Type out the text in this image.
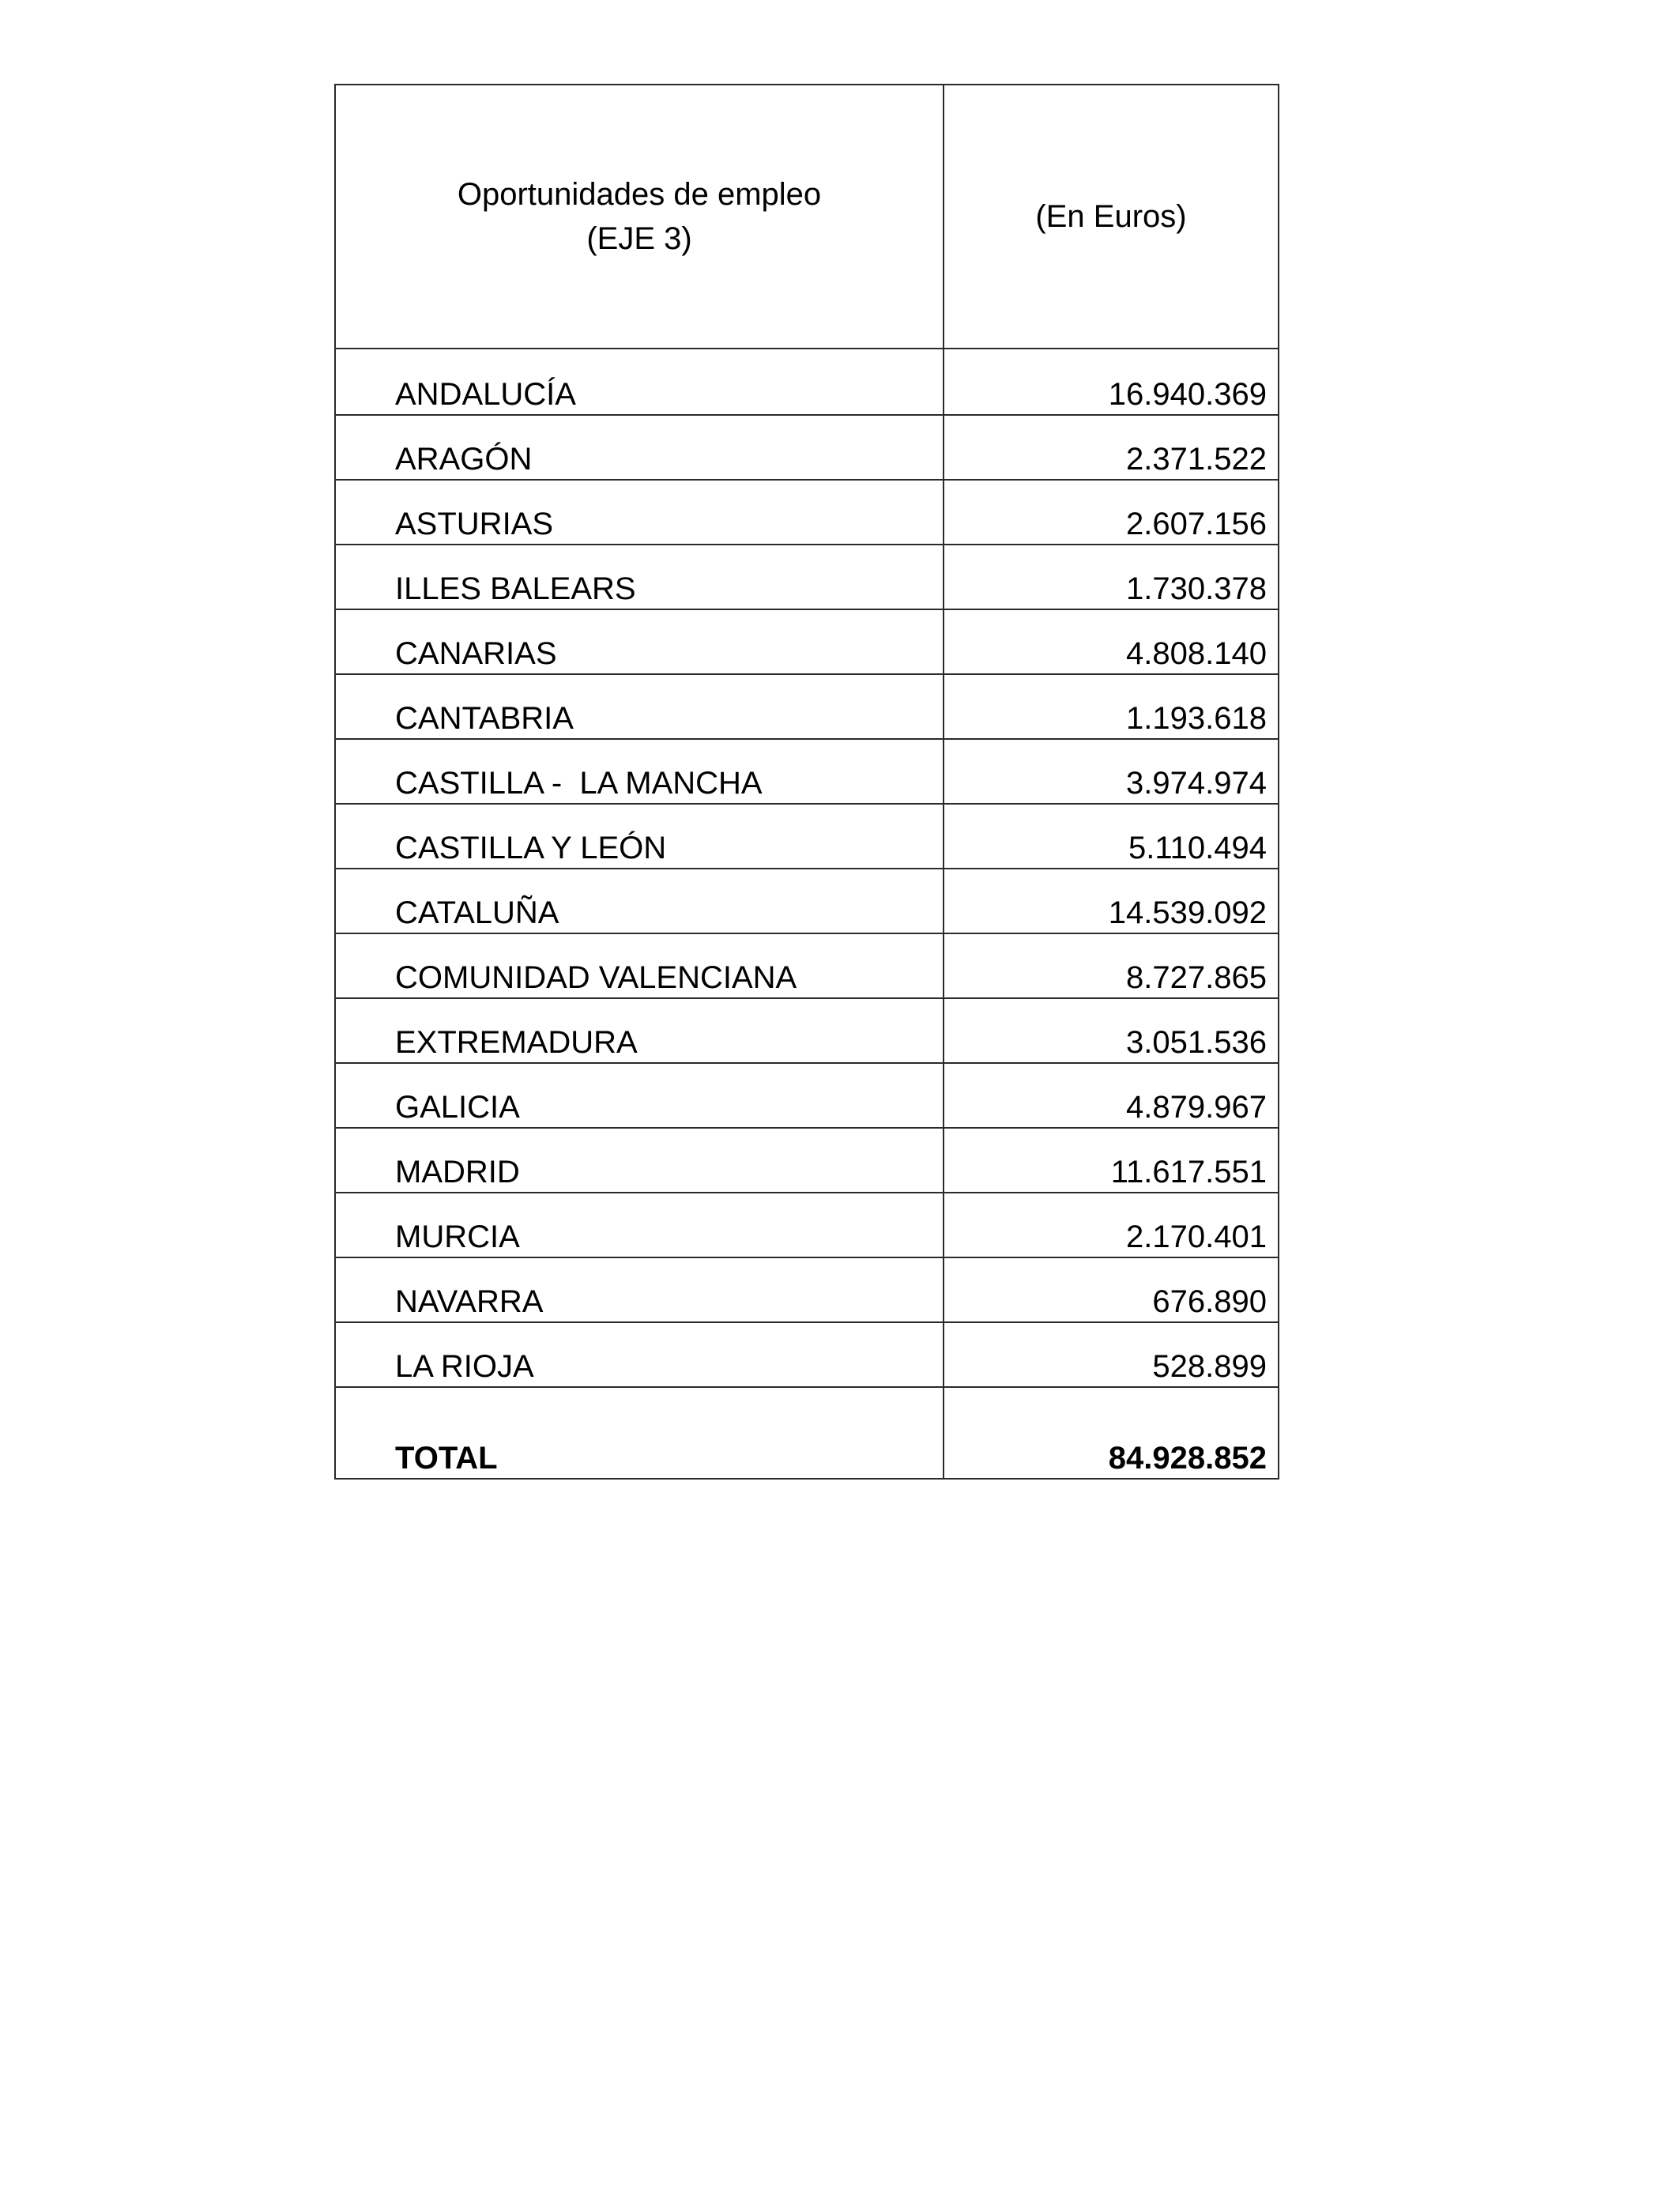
Oportunidades de empleo
(EJE 3)	(En Euros)
ANDALUCÍA	16.940.369
ARAGÓN	2.371.522
ASTURIAS	2.607.156
ILLES BALEARS	1.730.378
CANARIAS	4.808.140
CANTABRIA	1.193.618
CASTILLA -  LA MANCHA	3.974.974
CASTILLA Y LEÓN	5.110.494
CATALUÑA	14.539.092
COMUNIDAD VALENCIANA	8.727.865
EXTREMADURA	3.051.536
GALICIA	4.879.967
MADRID	11.617.551
MURCIA	2.170.401
NAVARRA	676.890
LA RIOJA	528.899
TOTAL	84.928.852
